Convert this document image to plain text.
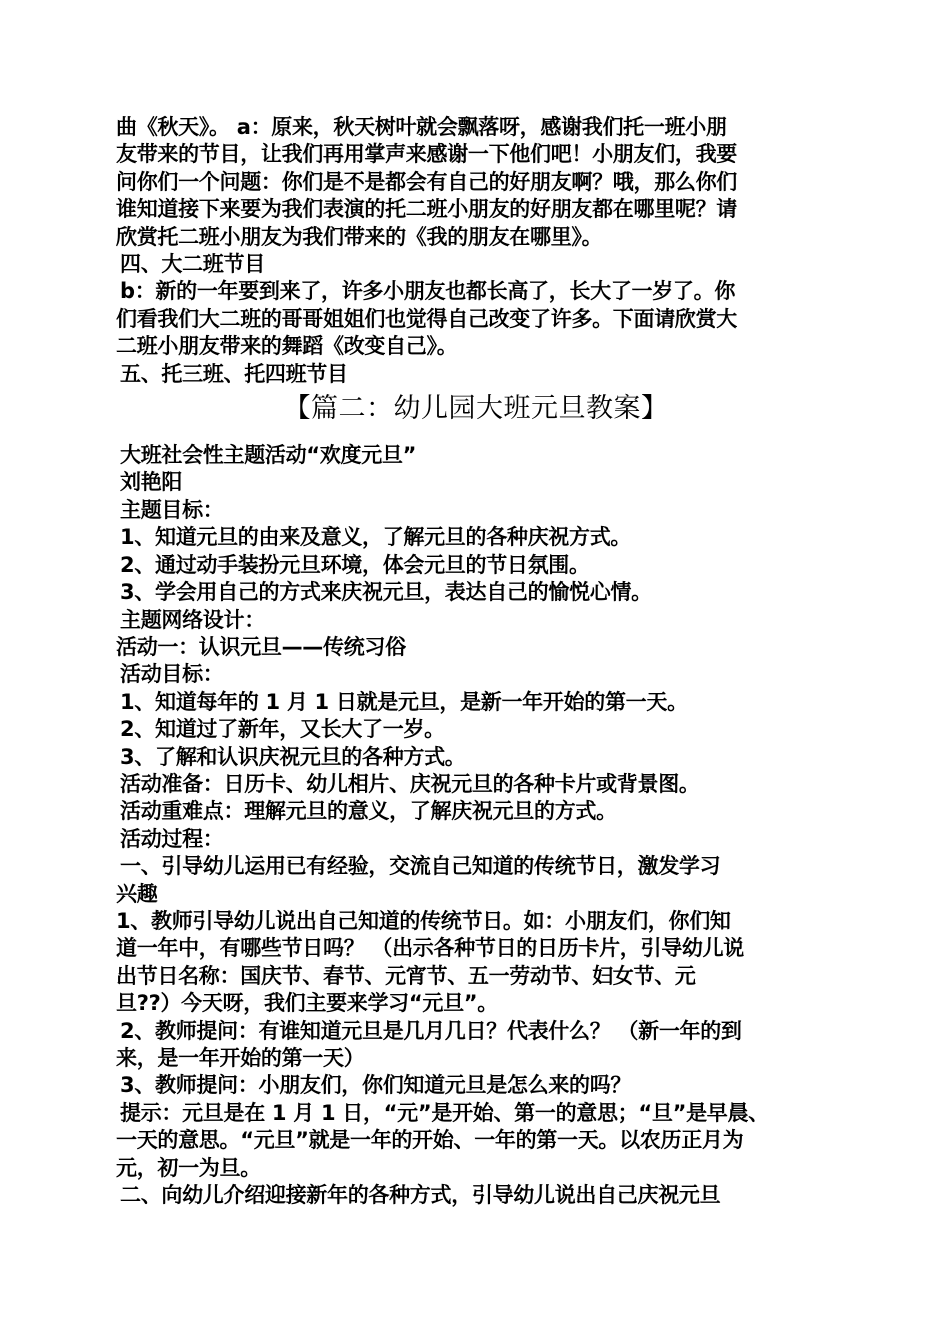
曲《秋天》。 a：原来，秋天树叶就会飘落呀，感谢我们托一班小朋

友带来的节目，让我们再用掌声来感谢一下他们吧！小朋友们，我要

问你们一个问题：你们是不是都会有自己的好朋友啊？哦，那么你们

谁知道接下来要为我们表演的托二班小朋友的好朋友都在哪里呢？请

欣赏托二班小朋友为我们带来的《我的朋友在哪里》。

四、大二班节目

b：新的一年要到来了，许多小朋友也都长高了，长大了一岁了。你

们看我们大二班的哥哥姐姐们也觉得自己改变了许多。下面请欣赏大

二班小朋友带来的舞蹈《改变自己》。

五、托三班、托四班节目

【篇二：幼儿园大班元旦教案】

大班社会性主题活动“欢度元旦”

刘艳阳

主题目标：

1、知道元旦的由来及意义，了解元旦的各种庆祝方式。

2、通过动手装扮元旦环境，体会元旦的节日氛围。

3、学会用自己的方式来庆祝元旦，表达自己的愉悦心情。

主题网络设计：

活动一：认识元旦——传统习俗

活动目标：

1、知道每年的 1 月 1 日就是元旦，是新一年开始的第一天。

2、知道过了新年，又长大了一岁。

3、了解和认识庆祝元旦的各种方式。

活动准备：日历卡、幼儿相片、庆祝元旦的各种卡片或背景图。

活动重难点：理解元旦的意义，了解庆祝元旦的方式。

活动过程：

一、引导幼儿运用已有经验，交流自己知道的传统节日，激发学习

兴趣

1、教师引导幼儿说出自己知道的传统节日。如：小朋友们，你们知

道一年中，有哪些节日吗？ （出示各种节日的日历卡片，引导幼儿说

出节日名称：国庆节、春节、元宵节、五一劳动节、妇女节、元

旦??）今天呀，我们主要来学习“元旦”。

2、教师提问：有谁知道元旦是几月几日？代表什么？ （新一年的到

来，是一年开始的第一天）

3、教师提问：小朋友们，你们知道元旦是怎么来的吗？

提示：元旦是在 1 月 1 日，“元”是开始、第一的意思；“旦”是早晨、

一天的意思。“元旦”就是一年的开始、一年的第一天。以农历正月为

元，初一为旦。

二、向幼儿介绍迎接新年的各种方式，引导幼儿说出自己庆祝元旦
